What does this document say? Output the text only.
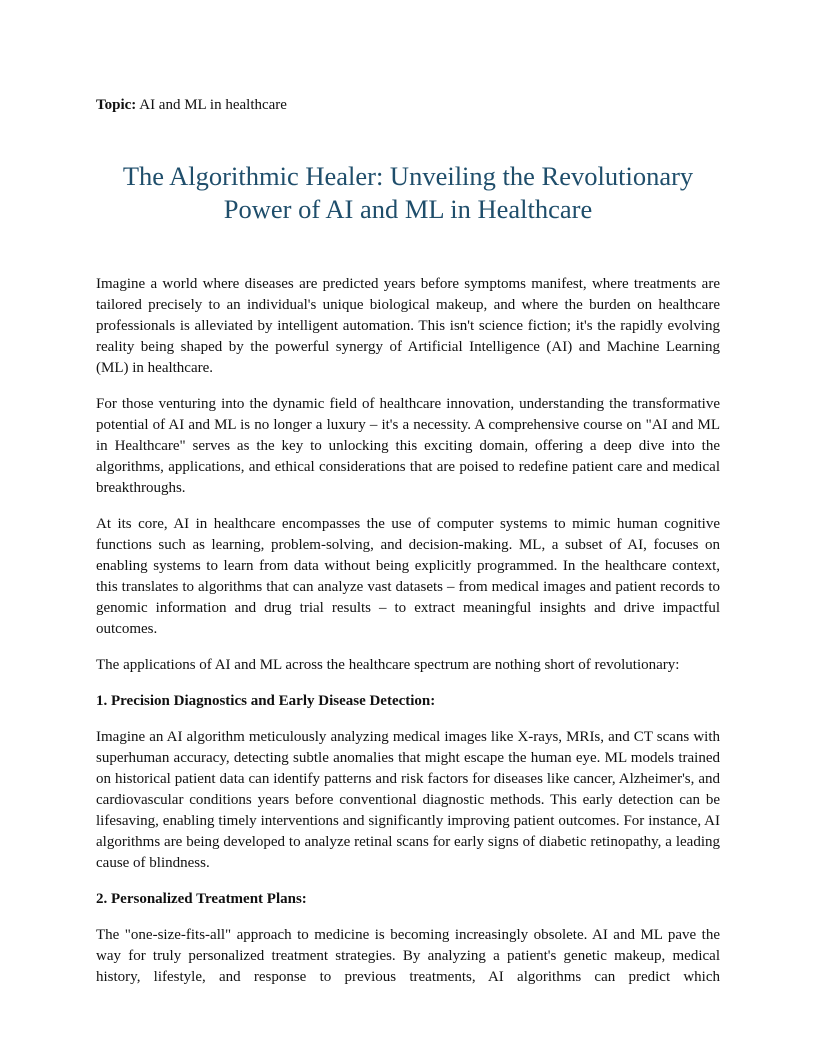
Topic: AI and ML in healthcare

The Algorithmic Healer: Unveiling the Revolutionary
Power of AI and ML in Healthcare

Imagine a world where diseases are predicted years before symptoms manifest, where treatments are tailored precisely to an individual's unique biological makeup, and where the burden on healthcare professionals is alleviated by intelligent automation. This isn't science fiction; it's the rapidly evolving reality being shaped by the powerful synergy of Artificial Intelligence (AI) and Machine Learning (ML) in healthcare.

For those venturing into the dynamic field of healthcare innovation, understanding the transformative potential of AI and ML is no longer a luxury – it's a necessity. A comprehensive course on "AI and ML in Healthcare" serves as the key to unlocking this exciting domain, offering a deep dive into the algorithms, applications, and ethical considerations that are poised to redefine patient care and medical breakthroughs.

At its core, AI in healthcare encompasses the use of computer systems to mimic human cognitive functions such as learning, problem-solving, and decision-making. ML, a subset of AI, focuses on enabling systems to learn from data without being explicitly programmed. In the healthcare context, this translates to algorithms that can analyze vast datasets – from medical images and patient records to genomic information and drug trial results – to extract meaningful insights and drive impactful outcomes.

The applications of AI and ML across the healthcare spectrum are nothing short of revolutionary:

1. Precision Diagnostics and Early Disease Detection:

Imagine an AI algorithm meticulously analyzing medical images like X-rays, MRIs, and CT scans with superhuman accuracy, detecting subtle anomalies that might escape the human eye. ML models trained on historical patient data can identify patterns and risk factors for diseases like cancer, Alzheimer's, and cardiovascular conditions years before conventional diagnostic methods. This early detection can be lifesaving, enabling timely interventions and significantly improving patient outcomes. For instance, AI algorithms are being developed to analyze retinal scans for early signs of diabetic retinopathy, a leading cause of blindness.

2. Personalized Treatment Plans:

The "one-size-fits-all" approach to medicine is becoming increasingly obsolete. AI and ML pave the way for truly personalized treatment strategies. By analyzing a patient's genetic makeup, medical history, lifestyle, and response to previous treatments, AI algorithms can predict which
